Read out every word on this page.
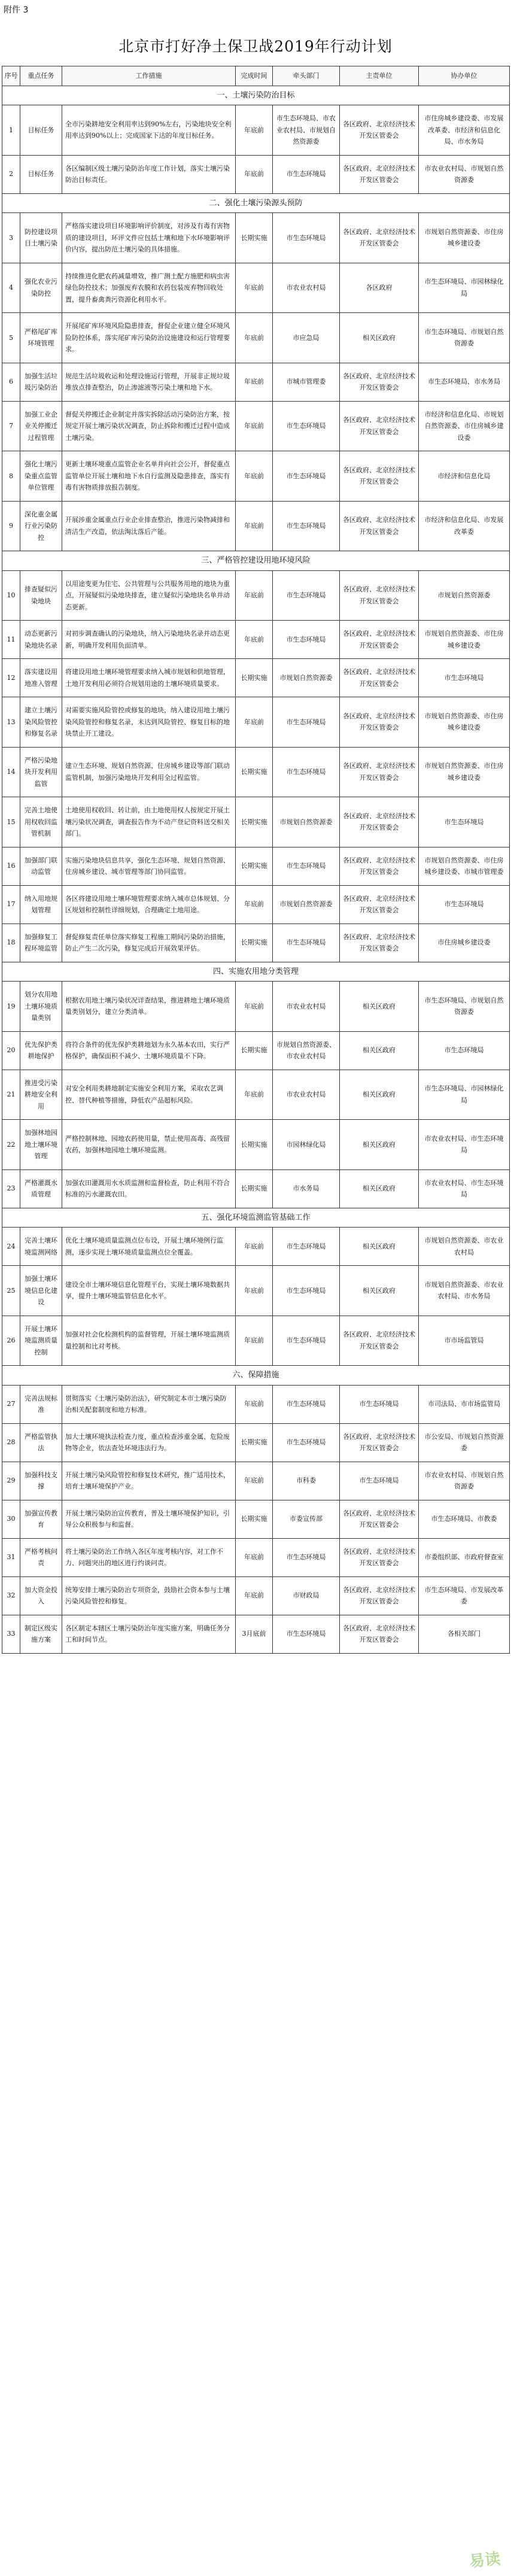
附件 3
北京市打好净土保卫战2019年行动计划
序号	重点任务	工作措施	完成时间	牵头部门	主责单位	协办单位
一、土壤污染防治目标						
1	目标任务	全市污染耕地安全利用率达到90%左右，污染地块安全利用率达到90%以上；完成国家下达的年度目标任务。	年底前	市生态环境局、市农业农村局、市规划自然资源委	各区政府、北京经济技术开发区管委会	市住房城乡建设委、市发展改革委、市经济和信息化局、市水务局
2	目标任务	各区编制区级土壤污染防治年度工作计划，落实土壤污染防治目标责任。	年底前	市生态环境局	各区政府、北京经济技术开发区管委会	市农业农村局、市规划自然资源委
二、强化土壤污染源头预防						
3	防控建设项目土壤污染	严格落实建设项目环境影响评价制度，对涉及有毒有害物质的建设项目，环评文件应包括土壤和地下水环境影响评价内容，提出防范土壤污染的具体措施。	长期实施	市生态环境局	各区政府、北京经济技术开发区管委会	市规划自然资源委、市住房城乡建设委
4	强化农业污染防控	持续推进化肥农药减量增效，推广测土配方施肥和病虫害绿色防控技术；加强废弃农膜和农药包装废弃物回收处置，提升畜禽粪污资源化利用水平。	年底前	市农业农村局	各区政府	市生态环境局、市园林绿化局
5	严格尾矿库环境管理	开展尾矿库环境风险隐患排查，督促企业建立健全环境风险防控体系，落实尾矿库污染防治设施建设和运行管理要求。	年底前	市应急局	相关区政府	市生态环境局、市规划自然资源委
6	加强生活垃圾污染防治	规范生活垃圾收运和处理设施运行管理，开展非正规垃圾堆放点排查整治，防止渗滤液等污染土壤和地下水。	年底前	市城市管理委	各区政府、北京经济技术开发区管委会	市生态环境局、市水务局
7	加强工业企业关停搬迁过程管理	督促关停搬迁企业制定并落实拆除活动污染防治方案，按规定开展土壤污染状况调查，防止拆除和搬迁过程中造成土壤污染。	年底前	市生态环境局	各区政府、北京经济技术开发区管委会	市经济和信息化局、市规划自然资源委、市住房城乡建设委
8	强化土壤污染重点监管单位管理	更新土壤环境重点监管企业名单并向社会公开，督促重点监管单位开展土壤和地下水自行监测及隐患排查，落实有毒有害物质排放报告制度。	年底前	市生态环境局	各区政府、北京经济技术开发区管委会	市经济和信息化局
9	深化重金属行业污染防控	开展涉重金属重点行业企业排查整治，推进污染物减排和清洁生产改造，依法淘汰落后产能。	年底前	市生态环境局	各区政府、北京经济技术开发区管委会	市经济和信息化局、市发展改革委
三、严格管控建设用地环境风险						
10	排查疑似污染地块	以用途变更为住宅、公共管理与公共服务用地的地块为重点，开展疑似污染地块排查，建立疑似污染地块名单并动态更新。	年底前	市生态环境局	各区政府、北京经济技术开发区管委会	市规划自然资源委
11	动态更新污染地块名录	对初步调查确认的污染地块，纳入污染地块名录并动态更新，明确开发利用负面清单。	年底前	市生态环境局	各区政府、北京经济技术开发区管委会	市规划自然资源委、市住房城乡建设委
12	落实建设用地准入管理	将建设用地土壤环境管理要求纳入城市规划和供地管理，土地开发利用必须符合规划用途的土壤环境质量要求。	长期实施	市规划自然资源委	各区政府、北京经济技术开发区管委会	市生态环境局
13	建立土壤污染风险管控和修复名录	对需要实施风险管控或修复的地块，纳入建设用地土壤污染风险管控和修复名录，未达到风险管控、修复目标的地块禁止开工建设。	年底前	市生态环境局	各区政府、北京经济技术开发区管委会	市规划自然资源委、市住房城乡建设委
14	严格污染地块开发利用监管	建立生态环境、规划自然资源、住房城乡建设等部门联动监管机制，加强污染地块开发利用全过程监管。	长期实施	市生态环境局	各区政府、北京经济技术开发区管委会	市规划自然资源委、市住房城乡建设委
15	完善土地使用权收回监管机制	土地使用权收回、转让前，由土地使用权人按规定开展土壤污染状况调查，调查报告作为不动产登记资料送交相关部门。	长期实施	市规划自然资源委	各区政府、北京经济技术开发区管委会	市生态环境局
16	加强部门联动监管	实施污染地块信息共享，强化生态环境、规划自然资源、住房城乡建设、城市管理等部门协同监管。	长期实施	市生态环境局	各区政府、北京经济技术开发区管委会	市规划自然资源委、市住房城乡建设委、市城市管理委
17	纳入用地规划管理	各区将建设用地土壤环境管理要求纳入城市总体规划、分区规划和控制性详细规划，合理确定土地用途。	年底前	市规划自然资源委	各区政府、北京经济技术开发区管委会	市生态环境局
18	加强修复工程环境监管	督促修复责任单位落实修复工程施工期间污染防治措施，防止产生二次污染，修复完成后开展效果评估。	长期实施	市生态环境局	各区政府、北京经济技术开发区管委会	市住房城乡建设委
四、实施农用地分类管理						
19	划分农用地土壤环境质量类别	根据农用地土壤污染状况详查结果，推进耕地土壤环境质量类别划分，建立分类清单。	年底前	市农业农村局	相关区政府	市生态环境局、市规划自然资源委
20	优先保护类耕地保护	将符合条件的优先保护类耕地划为永久基本农田，实行严格保护，确保面积不减少、土壤环境质量不下降。	长期实施	市规划自然资源委、市农业农村局	相关区政府	市生态环境局
21	推进受污染耕地安全利用	对安全利用类耕地制定实施安全利用方案，采取农艺调控、替代种植等措施，降低农产品超标风险。	年底前	市农业农村局	相关区政府	市生态环境局、市园林绿化局
22	加强林地园地土壤环境管理	严格控制林地、园地农药使用量，禁止使用高毒、高残留农药，加强林地园地土壤环境监测。	长期实施	市园林绿化局	相关区政府	市农业农村局、市生态环境局
23	严格灌溉水质管理	加强农田灌溉用水水质监测和监督检查，防止利用不符合标准的污水灌溉农田。	长期实施	市水务局	相关区政府	市农业农村局、市生态环境局
五、强化环境监测监管基础工作						
24	完善土壤环境监测网络	优化土壤环境质量监测点位布设，开展土壤环境例行监测，逐步实现土壤环境质量监测点位全覆盖。	年底前	市生态环境局	相关区政府	市规划自然资源委、市农业农村局
25	加强土壤环境信息化建设	建设全市土壤环境信息化管理平台，实现土壤环境数据共享，提升土壤环境监管信息化水平。	年底前	市生态环境局	相关区政府	市规划自然资源委、市农业农村局、市水务局
26	开展土壤环境监测质量控制	加强对社会化检测机构的监督管理，开展土壤环境监测质量控制和比对考核。	年底前	市生态环境局	各区政府、北京经济技术开发区管委会	市市场监管局
六、保障措施						
27	完善法规标准	贯彻落实《土壤污染防治法》，研究制定本市土壤污染防治相关配套制度和地方标准。	年底前	市生态环境局	市生态环境局	市司法局、市市场监管局
28	严格监管执法	加大土壤环境执法检查力度，重点检查涉重金属、危险废物等企业，依法查处环境违法行为。	长期实施	市生态环境局	各区政府、北京经济技术开发区管委会	市公安局、市规划自然资源委
29	加强科技支撑	开展土壤污染风险管控和修复技术研究，推广适用技术，培育土壤环境保护产业。	年底前	市科委	市生态环境局	市农业农村局、市规划自然资源委
30	加强宣传教育	开展土壤污染防治宣传教育，普及土壤环境保护知识，引导公众积极参与和监督。	长期实施	市委宣传部	各区政府、北京经济技术开发区管委会	市生态环境局、市教委
31	严格考核问责	将土壤污染防治工作纳入各区年度考核内容，对工作不力、问题突出的地区进行约谈问责。	年底前	市生态环境局	各区政府、北京经济技术开发区管委会	市委组织部、市政府督查室
32	加大资金投入	统筹安排土壤污染防治专项资金，鼓励社会资本参与土壤污染风险管控和修复。	年底前	市财政局	各区政府、北京经济技术开发区管委会	市生态环境局、市发展改革委
33	制定区级实施方案	各区制定本辖区土壤污染防治年度实施方案，明确任务分工和时间节点。	3月底前	市生态环境局	各区政府、北京经济技术开发区管委会	各相关部门
易读
